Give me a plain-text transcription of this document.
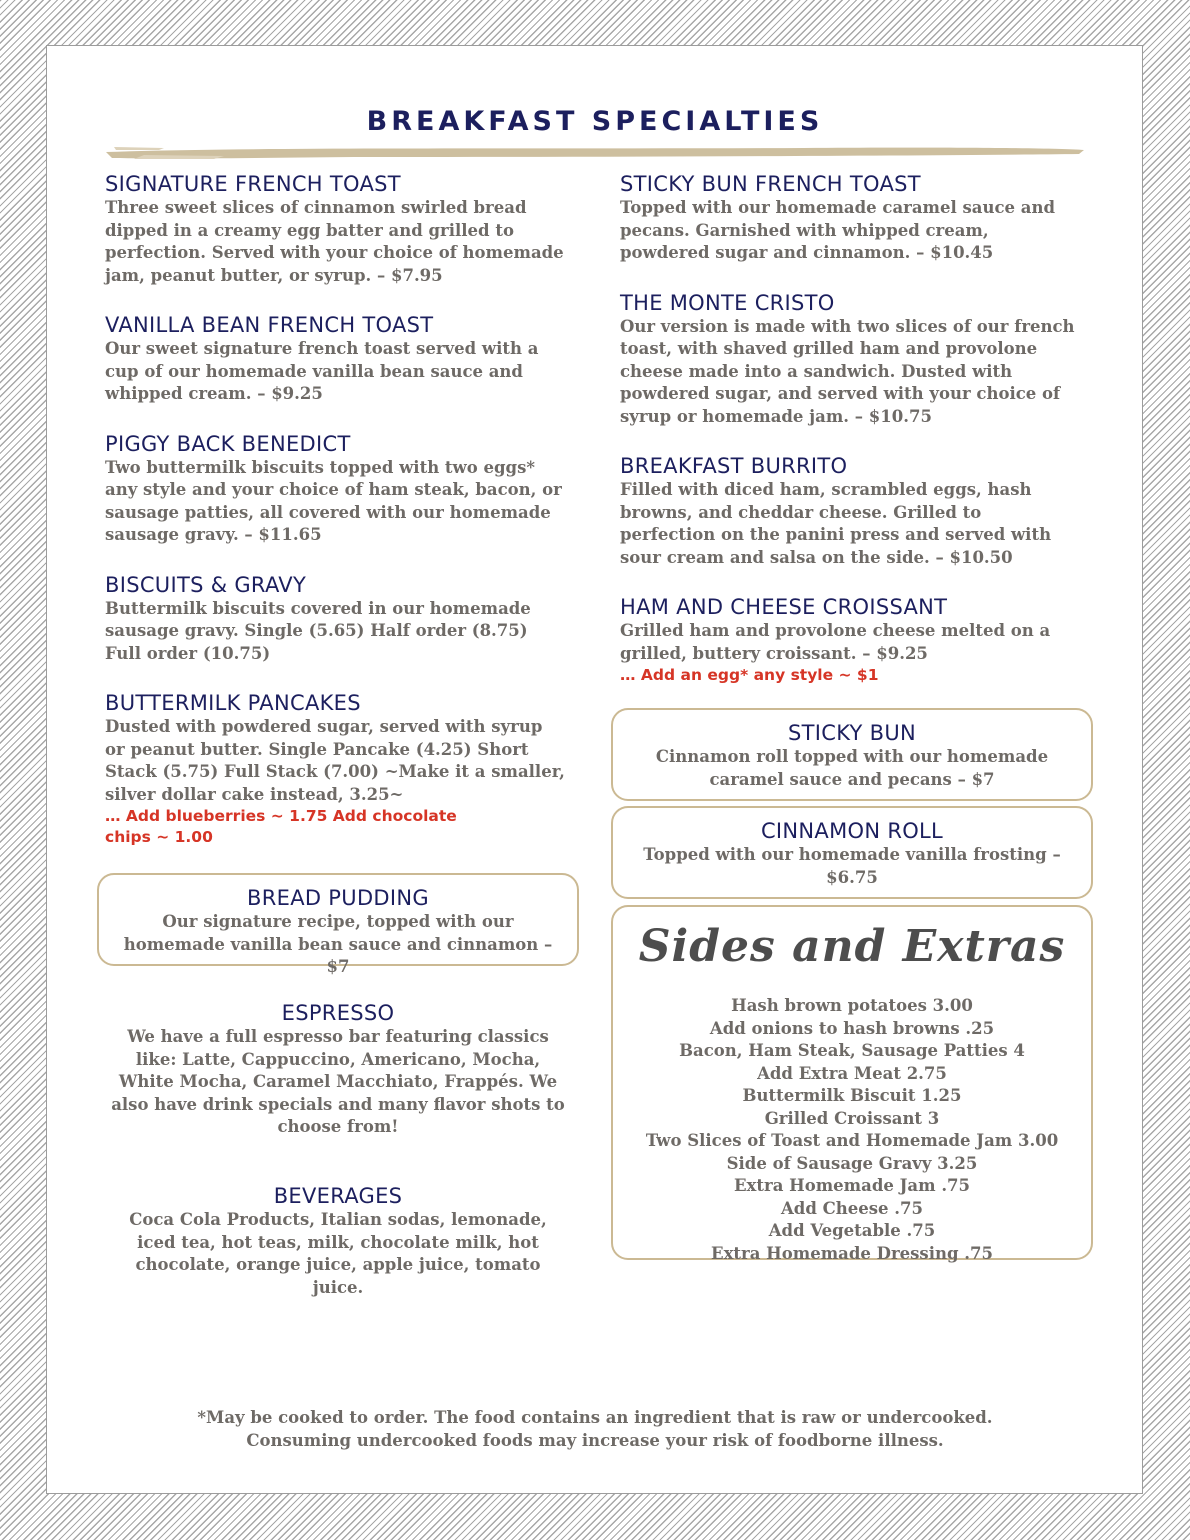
BREAKFAST SPECIALTIES
SIGNATURE FRENCH TOAST

Three sweet slices of cinnamon swirled bread dipped in a creamy egg batter and grilled to perfection. Served with your choice of homemade jam, peanut butter, or syrup. – $7.95

VANILLA BEAN FRENCH TOAST

Our sweet signature french toast served with a cup of our homemade vanilla bean sauce and whipped cream. – $9.25

PIGGY BACK BENEDICT

Two buttermilk biscuits topped with two eggs* any style and your choice of ham steak, bacon, or sausage patties, all covered with our homemade sausage gravy. – $11.65

BISCUITS & GRAVY

Buttermilk biscuits covered in our homemade sausage gravy. Single (5.65) Half order (8.75) Full order (10.75)

BUTTERMILK PANCAKES

Dusted with powdered sugar, served with syrup or peanut butter. Single Pancake (4.25) Short Stack (5.75) Full Stack (7.00) ~Make it a smaller, silver dollar cake instead, 3.25~

… Add blueberries ~ 1.75 Add chocolate chips ~ 1.00

BREAD PUDDING

Our signature recipe, topped with our homemade vanilla bean sauce and cinnamon – $7

ESPRESSO

We have a full espresso bar featuring classics like: Latte, Cappuccino, Americano, Mocha, White Mocha, Caramel Macchiato, Frappés. We also have drink specials and many flavor shots to choose from!

BEVERAGES

Coca Cola Products, Italian sodas, lemonade, iced tea, hot teas, milk, chocolate milk, hot chocolate, orange juice, apple juice, tomato juice.

STICKY BUN FRENCH TOAST

Topped with our homemade caramel sauce and pecans. Garnished with whipped cream, powdered sugar and cinnamon. – $10.45

THE MONTE CRISTO

Our version is made with two slices of our french toast, with shaved grilled ham and provolone cheese made into a sandwich. Dusted with powdered sugar, and served with your choice of syrup or homemade jam. – $10.75

BREAKFAST BURRITO

Filled with diced ham, scrambled eggs, hash browns, and cheddar cheese. Grilled to perfection on the panini press and served with sour cream and salsa on the side. – $10.50

HAM AND CHEESE CROISSANT

Grilled ham and provolone cheese melted on a grilled, buttery croissant. – $9.25

… Add an egg* any style ~ $1

STICKY BUN

Cinnamon roll topped with our homemade caramel sauce and pecans – $7

CINNAMON ROLL

Topped with our homemade vanilla frosting – $6.75

Sides and Extras
Hash brown potatoes 3.00
Add onions to hash browns .25
Bacon, Ham Steak, Sausage Patties 4
Add Extra Meat 2.75
Buttermilk Biscuit 1.25
Grilled Croissant 3
Two Slices of Toast and Homemade Jam 3.00
Side of Sausage Gravy 3.25
Extra Homemade Jam .75
Add Cheese .75
Add Vegetable .75
Extra Homemade Dressing .75
*May be cooked to order. The food contains an ingredient that is raw or undercooked. Consuming undercooked foods may increase your risk of foodborne illness.
